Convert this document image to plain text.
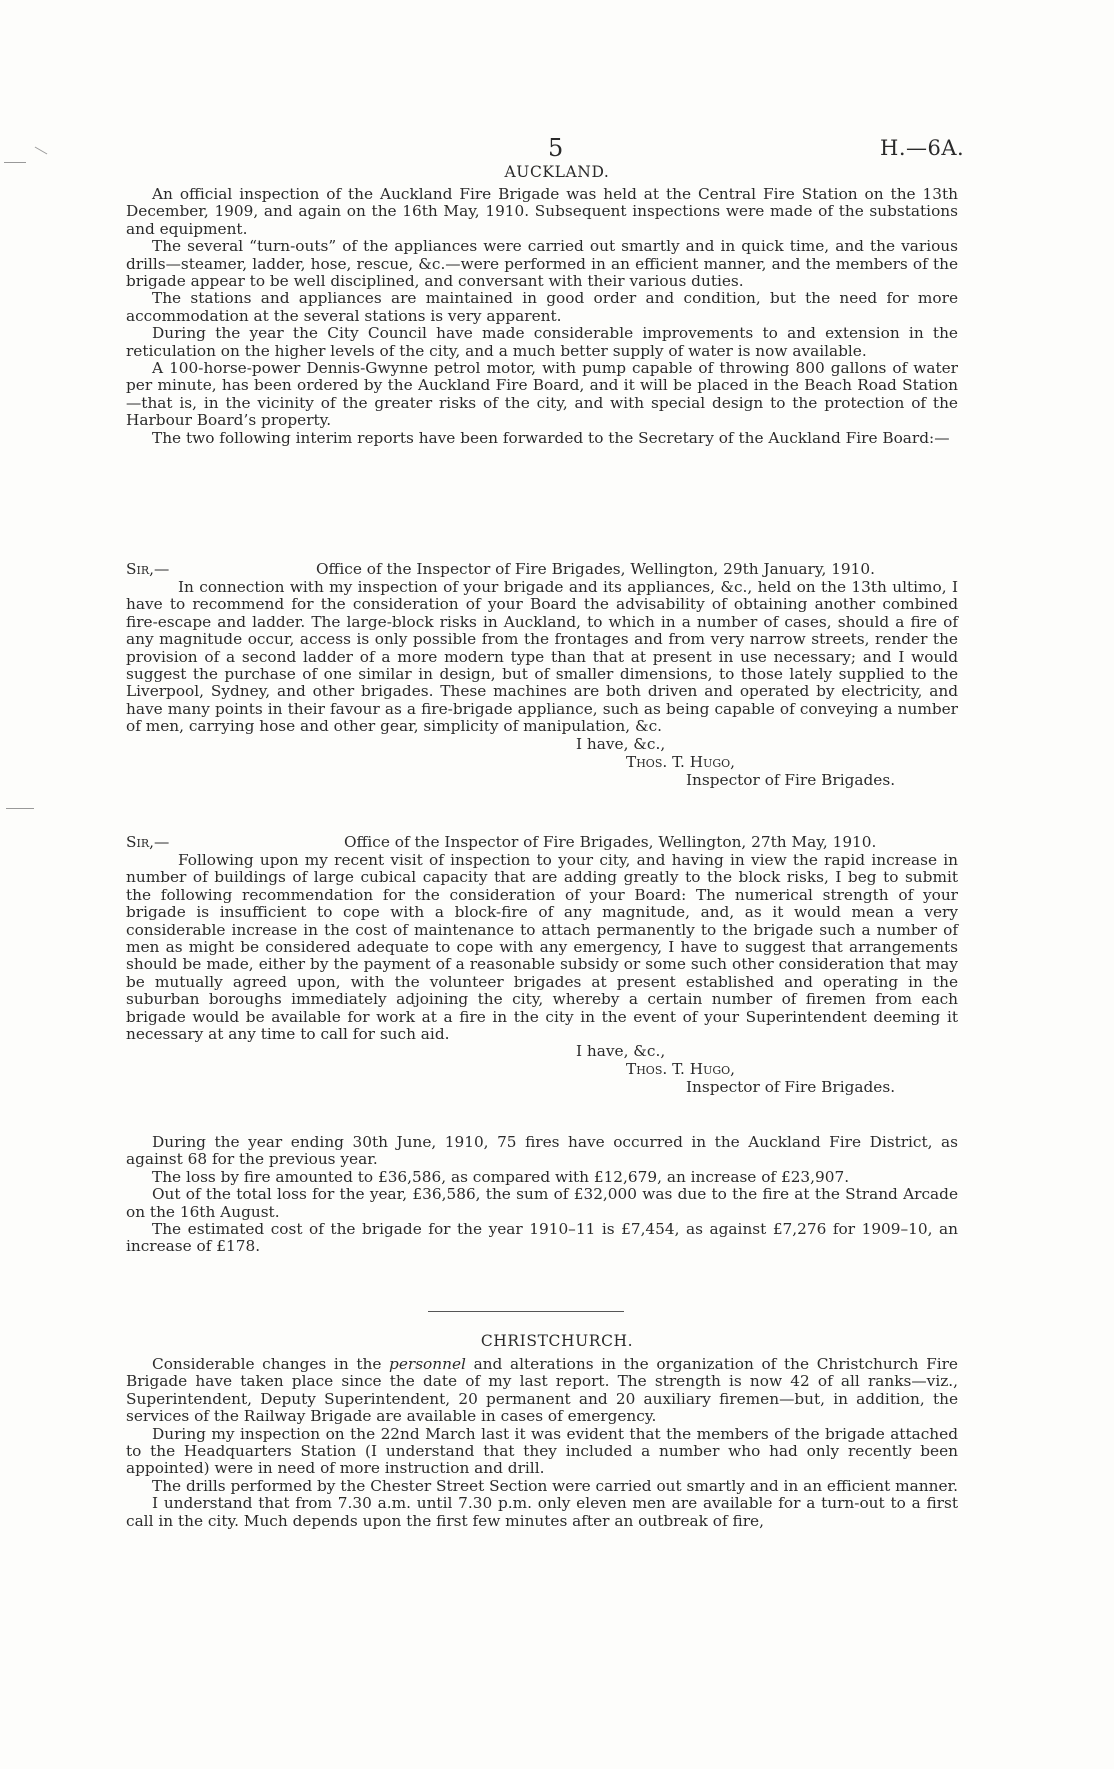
5	H.—6A.
AUCKLAND.

An official inspection of the Auckland Fire Brigade was held at the Central Fire Station on the 13th December, 1909, and again on the 16th May, 1910. Subsequent inspections were made of the substations and equipment.

The several “turn-outs” of the appliances were carried out smartly and in quick time, and the various drills—steamer, ladder, hose, rescue, &c.—were performed in an efficient manner, and the members of the brigade appear to be well disciplined, and conversant with their various duties.

The stations and appliances are maintained in good order and condition, but the need for more accommodation at the several stations is very apparent.

During the year the City Council have made considerable improvements to and extension in the reticulation on the higher levels of the city, and a much better supply of water is now available.

A 100-horse-power Dennis-Gwynne petrol motor, with pump capable of throwing 800 gallons of water per minute, has been ordered by the Auckland Fire Board, and it will be placed in the Beach Road Station—that is, in the vicinity of the greater risks of the city, and with special design to the protection of the Harbour Board’s property.

The two following interim reports have been forwarded to the Secretary of the Auckland Fire Board:—

Sir,—	Office of the Inspector of Fire Brigades, Wellington, 29th January, 1910.

In connection with my inspection of your brigade and its appliances, &c., held on the 13th ultimo, I have to recommend for the consideration of your Board the advisability of obtaining another combined fire-escape and ladder. The large-block risks in Auckland, to which in a number of cases, should a fire of any magnitude occur, access is only possible from the frontages and from very narrow streets, render the provision of a second ladder of a more modern type than that at present in use necessary; and I would suggest the purchase of one similar in design, but of smaller dimensions, to those lately supplied to the Liverpool, Sydney, and other brigades. These machines are both driven and operated by electricity, and have many points in their favour as a fire-brigade appliance, such as being capable of conveying a number of men, carrying hose and other gear, simplicity of manipulation, &c.

I have, &c.,
Thos. T. Hugo,
Inspector of Fire Brigades.
Sir,—	Office of the Inspector of Fire Brigades, Wellington, 27th May, 1910.

Following upon my recent visit of inspection to your city, and having in view the rapid increase in number of buildings of large cubical capacity that are adding greatly to the block risks, I beg to submit the following recommendation for the consideration of your Board: The numerical strength of your brigade is insufficient to cope with a block-fire of any magnitude, and, as it would mean a very considerable increase in the cost of maintenance to attach permanently to the brigade such a number of men as might be considered adequate to cope with any emergency, I have to suggest that arrangements should be made, either by the payment of a reasonable subsidy or some such other consideration that may be mutually agreed upon, with the volunteer brigades at present established and operating in the suburban boroughs immediately adjoining the city, whereby a certain number of firemen from each brigade would be available for work at a fire in the city in the event of your Superintendent deeming it necessary at any time to call for such aid.

I have, &c.,
Thos. T. Hugo,
Inspector of Fire Brigades.

During the year ending 30th June, 1910, 75 fires have occurred in the Auckland Fire District, as against 68 for the previous year.

The loss by fire amounted to £36,586, as compared with £12,679, an increase of £23,907.

Out of the total loss for the year, £36,586, the sum of £32,000 was due to the fire at the Strand Arcade on the 16th August.

The estimated cost of the brigade for the year 1910–11 is £7,454, as against £7,276 for 1909–10, an increase of £178.

CHRISTCHURCH.

Considerable changes in the personnel and alterations in the organization of the Christchurch Fire Brigade have taken place since the date of my last report. The strength is now 42 of all ranks—viz., Superintendent, Deputy Superintendent, 20 permanent and 20 auxiliary firemen—but, in addition, the services of the Railway Brigade are available in cases of emergency.

During my inspection on the 22nd March last it was evident that the members of the brigade attached to the Headquarters Station (I understand that they included a number who had only recently been appointed) were in need of more instruction and drill.

The drills performed by the Chester Street Section were carried out smartly and in an efficient manner.

I understand that from 7.30 a.m. until 7.30 p.m. only eleven men are available for a turn-out to a first call in the city. Much depends upon the first few minutes after an outbreak of fire,
